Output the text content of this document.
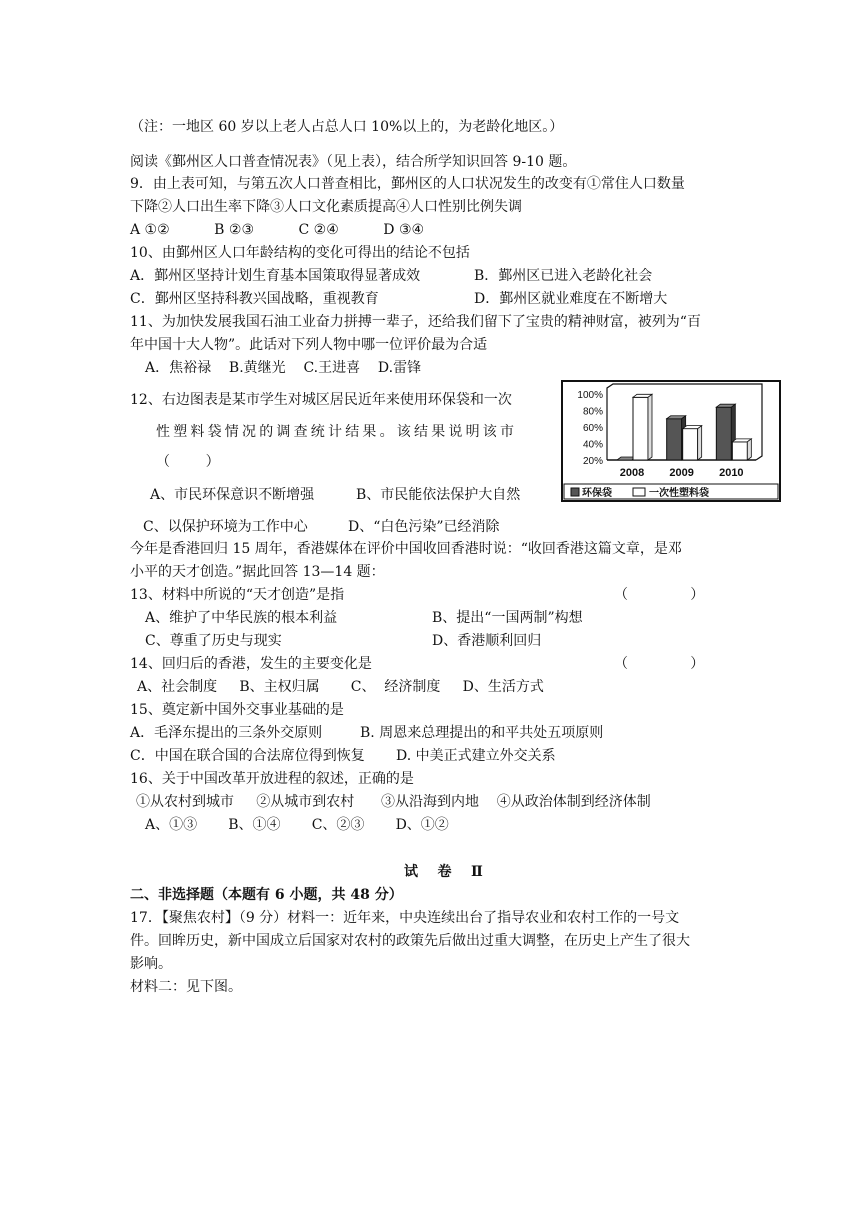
（注：一地区 60 岁以上老人占总人口 10%以上的，为老龄化地区。）
阅读《鄞州区人口普查情况表》（见上表），结合所学知识回答 9-10 题。
9．由上表可知，与第五次人口普查相比，鄞州区的人口状况发生的改变有①常住人口数量
下降②人口出生率下降③人口文化素质提高④人口性别比例失调
A ①②          B ②③          C ②④          D ③④
10、由鄞州区人口年龄结构的变化可得出的结论不包括
A．鄞州区坚持计划生育基本国策取得显著成效	B．鄞州区已进入老龄化社会
C．鄞州区坚持科教兴国战略，重视教育	D．鄞州区就业难度在不断增大
11、为加快发展我国石油工业奋力拼搏一辈子，还给我们留下了宝贵的精神财富，被列为“百
年中国十大人物”。此话对下列人物中哪一位评价最为合适
A．焦裕禄    B.黄继光    C.王进喜    D.雷锋
12、右边图表是某市学生对城区居民近年来使用环保袋和一次
性塑料袋情况的调查统计结果。该结果说明该市
（        ）
A、市民环保意识不断增强	B、市民能依法保护大自然
C、以保护环境为工作中心	D、“白色污染”已经消除
100%
80%
60%
40%
20%
2008 2009 2010
环保袋	一次性塑料袋
今年是香港回归 15 周年，香港媒体在评价中国收回香港时说：“收回香港这篇文章，是邓
小平的天才创造。”据此回答 13—14 题：
13、材料中所说的“天才创造”是指	（              ）
A、维护了中华民族的根本利益	B、提出“一国两制”构想
C、尊重了历史与现实	D、香港顺利回归
14、回归后的香港，发生的主要变化是	（              ）
A、社会制度     B、主权归属       C、  经济制度     D、生活方式
15、奠定新中国外交事业基础的是
A．毛泽东提出的三条外交原则	B. 周恩来总理提出的和平共处五项原则
C．中国在联合国的合法席位得到恢复 D. 中美正式建立外交关系
16、关于中国改革开放进程的叙述，正确的是
①从农村到城市     ②从城市到农村      ③从沿海到内地    ④从政治体制到经济体制
A、①③       B、①④       C、②③       D、①②
试    卷    Ⅱ
二、非选择题（本题有 6 小题，共 48 分）
17．【聚焦农村】（9 分）材料一：近年来，中央连续出台了指导农业和农村工作的一号文
件。回眸历史，新中国成立后国家对农村的政策先后做出过重大调整，在历史上产生了很大
影响。
材料二：见下图。
